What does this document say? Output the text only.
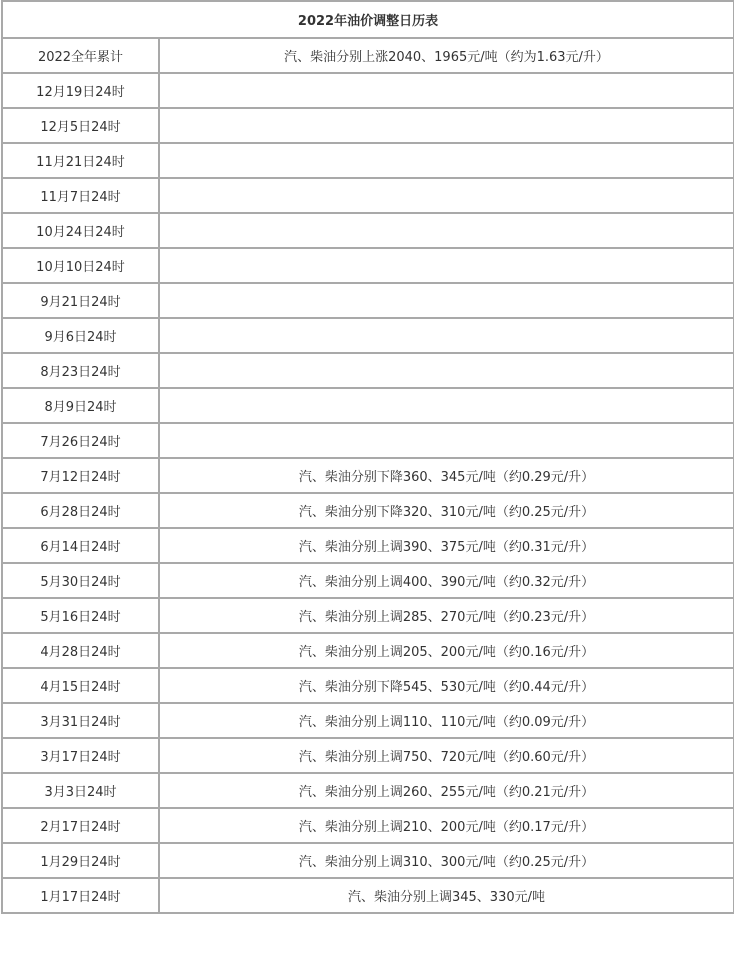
2022年油价调整日历表	
2022全年累计	汽、柴油分别上涨2040、1965元/吨（约为1.63元/升）
12月19日24时	
12月5日24时	
11月21日24时	
11月7日24时	
10月24日24时	
10月10日24时	
9月21日24时	
9月6日24时	
8月23日24时	
8月9日24时	
7月26日24时	
7月12日24时	汽、柴油分别下降360、345元/吨（约0.29元/升）
6月28日24时	汽、柴油分别下降320、310元/吨（约0.25元/升）
6月14日24时	汽、柴油分别上调390、375元/吨（约0.31元/升）
5月30日24时	汽、柴油分别上调400、390元/吨（约0.32元/升）
5月16日24时	汽、柴油分别上调285、270元/吨（约0.23元/升）
4月28日24时	汽、柴油分别上调205、200元/吨（约0.16元/升）
4月15日24时	汽、柴油分别下降545、530元/吨（约0.44元/升）
3月31日24时	汽、柴油分别上调110、110元/吨（约0.09元/升）
3月17日24时	汽、柴油分别上调750、720元/吨（约0.60元/升）
3月3日24时	汽、柴油分别上调260、255元/吨（约0.21元/升）
2月17日24时	汽、柴油分别上调210、200元/吨（约0.17元/升）
1月29日24时	汽、柴油分别上调310、300元/吨（约0.25元/升）
1月17日24时	汽、柴油分别上调345、330元/吨
